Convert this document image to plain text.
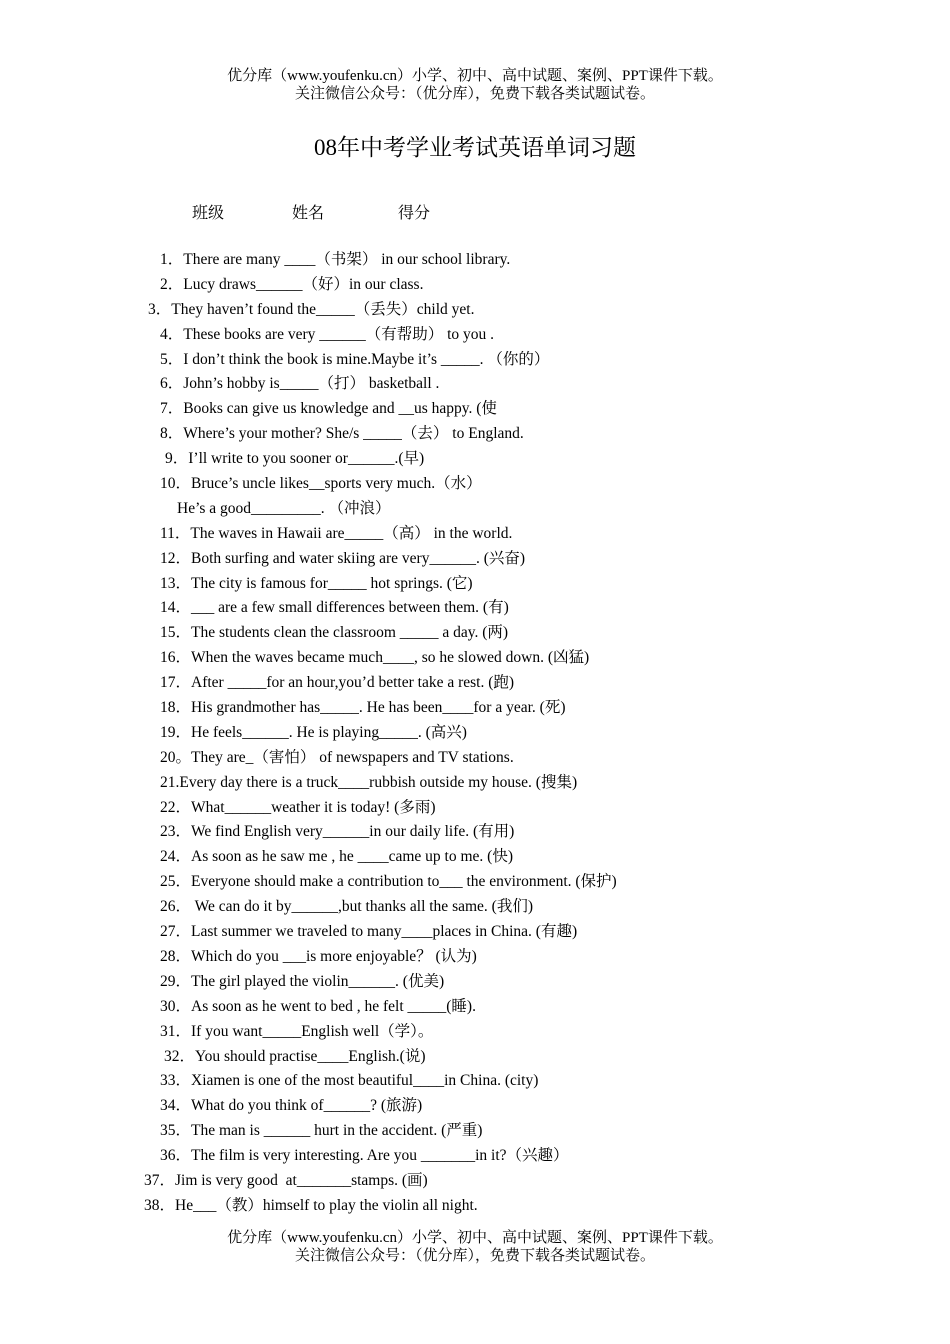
优分库（www.youfenku.cn）小学、初中、高中试题、案例、PPT课件下载。
关注微信公众号：（优分库），免费下载各类试题试卷。
08年中考学业考试英语单词习题
班级	姓名	得分
1．There are many ____（书架） in our school library.
2．Lucy draws______（好）in our class.
3．They haven’t found the_____（丢失）child yet.
4．These books are very ______（有帮助） to you .
5．I don’t think the book is mine.Maybe it’s _____. （你的）
6．John’s hobby is_____（打） basketball .
7．Books can give us knowledge and __us happy. (使
8．Where’s your mother? She/s _____（去） to England.
9．I’ll write to you sooner or______.(早)
10．Bruce’s uncle likes__sports very much.（水）
He’s a good_________. （冲浪）
11．The waves in Hawaii are_____（高） in the world.
12．Both surfing and water skiing are very______. (兴奋)
13．The city is famous for_____ hot springs. (它)
14．___ are a few small differences between them. (有)
15．The students clean the classroom _____ a day. (两)
16．When the waves became much____, so he slowed down. (凶猛)
17．After _____for an hour,you’d better take a rest. (跑)
18．His grandmother has_____. He has been____for a year. (死)
19．He feels______. He is playing_____. (高兴)
20。They are_（害怕） of newspapers and TV stations.
21.Every day there is a truck____rubbish outside my house. (搜集)
22．What______weather it is today! (多雨)
23．We find English very______in our daily life. (有用)
24．As soon as he saw me , he ____came up to me. (快)
25．Everyone should make a contribution to___ the environment. (保护)
26． We can do it by______,but thanks all the same. (我们)
27．Last summer we traveled to many____places in China. (有趣)
28．Which do you ___is more enjoyable？ (认为)
29．The girl played the violin______. (优美)
30．As soon as he went to bed , he felt _____(睡).
31．If you want_____English well（学）。
32．You should practise____English.(说)
33．Xiamen is one of the most beautiful____in China. (city)
34．What do you think of______? (旅游)
35．The man is ______ hurt in the accident. (严重)
36．The film is very interesting. Are you _______in it?（兴趣）
37．Jim is very good  at_______stamps. (画)
38．He___（教）himself to play the violin all night.
优分库（www.youfenku.cn）小学、初中、高中试题、案例、PPT课件下载。
关注微信公众号：（优分库），免费下载各类试题试卷。
